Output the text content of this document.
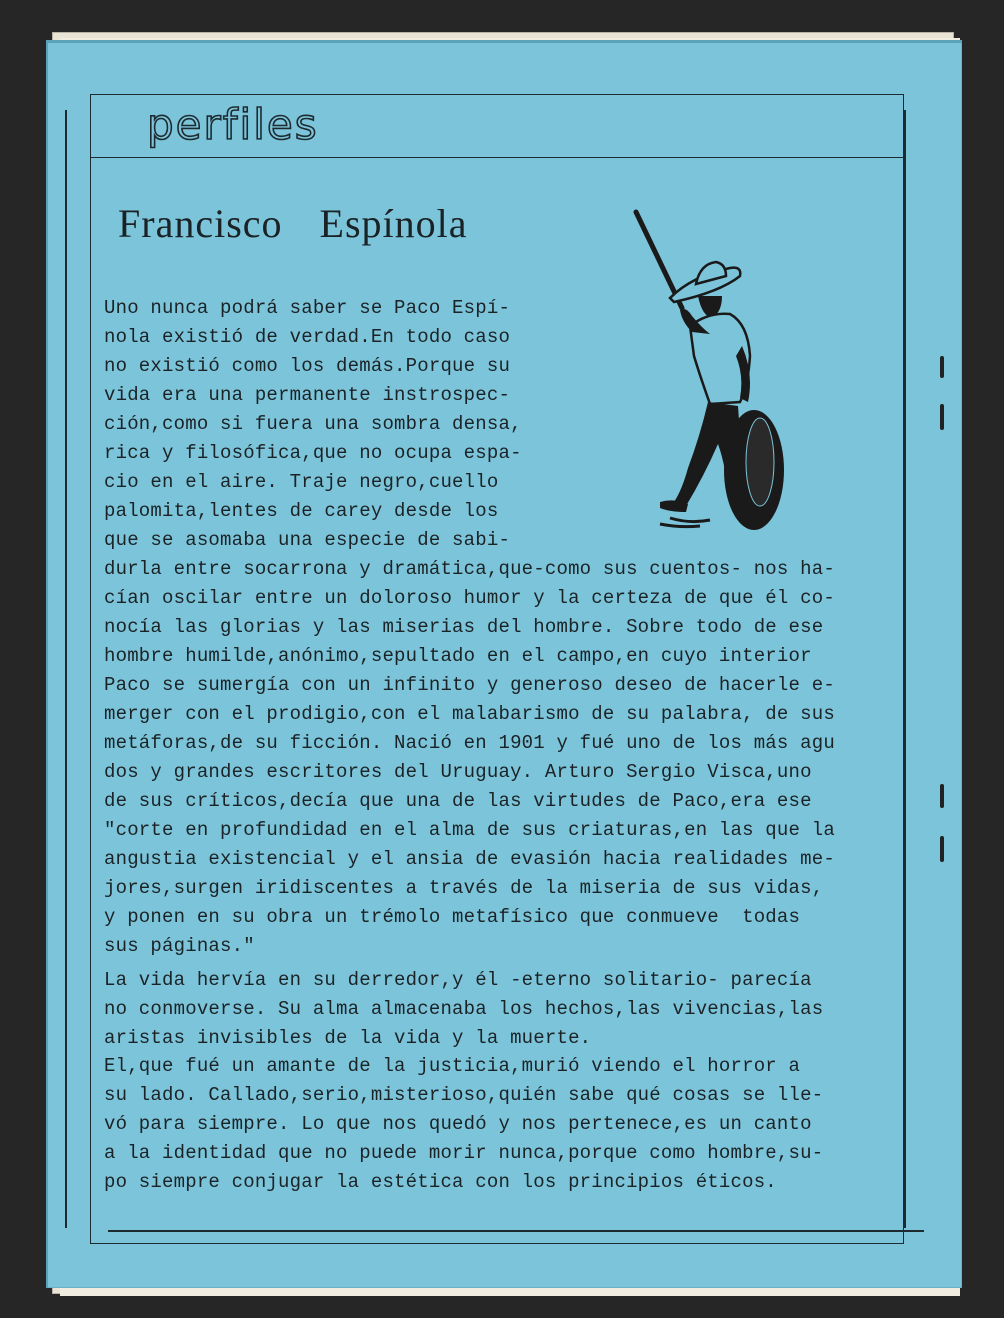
perfiles
Francisco Espínola

Uno nunca podrá saber se Paco Espí-
nola existió de verdad.En todo caso
no existió como los demás.Porque su
vida era una permanente instrospec-
ción,como si fuera una sombra densa,
rica y filosófica,que no ocupa espa-
cio en el aire. Traje negro,cuello
palomita,lentes de carey desde los
que se asomaba una especie de sabi-
durla entre socarrona y dramática,que-como sus cuentos- nos ha-
cían oscilar entre un doloroso humor y la certeza de que él co-
nocía las glorias y las miserias del hombre. Sobre todo de ese
hombre humilde,anónimo,sepultado en el campo,en cuyo interior
Paco se sumergía con un infinito y generoso deseo de hacerle e-
merger con el prodigio,con el malabarismo de su palabra, de sus
metáforas,de su ficción. Nació en 1901 y fué uno de los más agu
dos y grandes escritores del Uruguay. Arturo Sergio Visca,uno
de sus críticos,decía que una de las virtudes de Paco,era ese
"corte en profundidad en el alma de sus criaturas,en las que la
angustia existencial y el ansia de evasión hacia realidades me-
jores,surgen iridiscentes a través de la miseria de sus vidas,
y ponen en su obra un trémolo metafísico que conmueve  todas
sus páginas."

La vida hervía en su derredor,y él -eterno solitario- parecía
no conmoverse. Su alma almacenaba los hechos,las vivencias,las
aristas invisibles de la vida y la muerte.

El,que fué un amante de la justicia,murió viendo el horror a
su lado. Callado,serio,misterioso,quién sabe qué cosas se lle-
vó para siempre. Lo que nos quedó y nos pertenece,es un canto
a la identidad que no puede morir nunca,porque como hombre,su-
po siempre conjugar la estética con los principios éticos.
